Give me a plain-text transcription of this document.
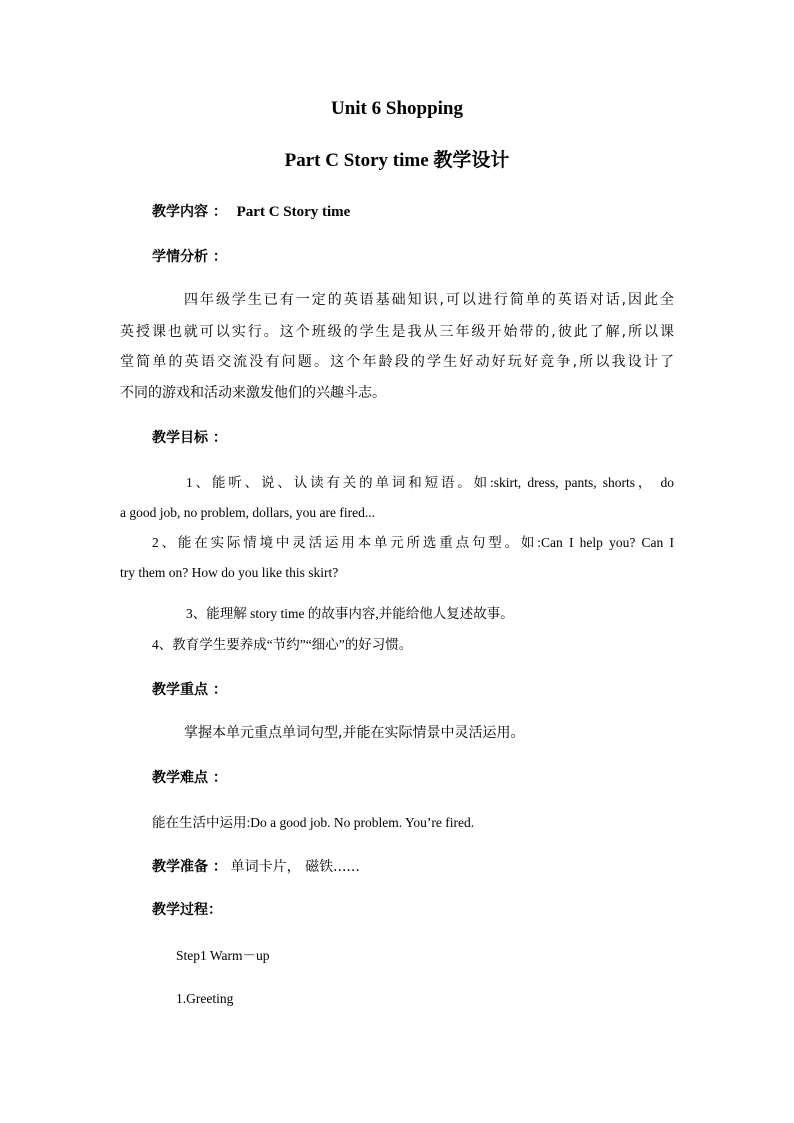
Unit 6 Shopping
Part C Story time 教学设计
教学内容 ： Part C Story time
学情分析 ：
四年级学生已有一定的英语基础知识,可以进行简单的英语对话,因此全
英授课也就可以实行。这个班级的学生是我从三年级开始带的,彼此了解,所以课
堂简单的英语交流没有问题。这个年龄段的学生好动好玩好竞争,所以我设计了
不同的游戏和活动来激发他们的兴趣斗志。
教学目标 ：
1、能听、说、认读有关的单词和短语。如:skirt, dress, pants, shorts， do
a good job, no problem, dollars, you are fired...
2、能在实际情境中灵活运用本单元所选重点句型。如:Can I help you? Can I
try them on? How do you like this skirt?
3、能理解 story time 的故事内容,并能给他人复述故事。
4、教育学生要养成“节约”“细心”的好习惯。
教学重点 ：
掌握本单元重点单词句型,并能在实际情景中灵活运用。
教学难点 ：
能在生活中运用:Do a good job. No problem. You’re fired.
教学准备 ： 单词卡片， 磁铁......
教学过程：
Step1 Warm－up
1.Greeting
